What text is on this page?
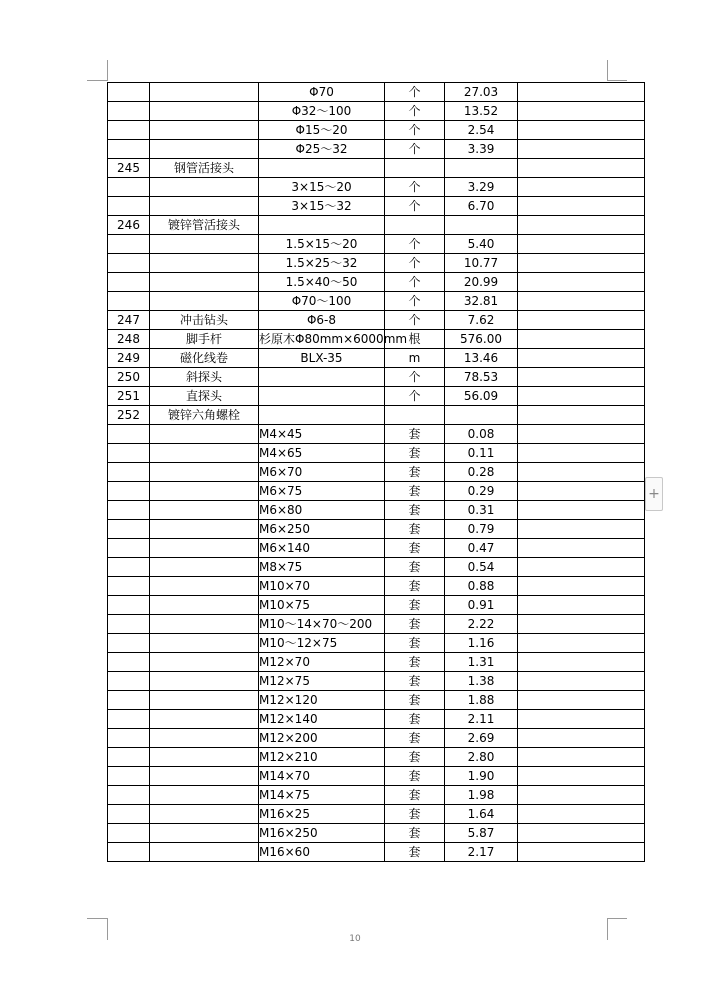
		Φ70	个	27.03	
		Φ32～100	个	13.52	
		Φ15～20	个	2.54	
		Φ25～32	个	3.39	
245	钢管活接头				
		3×15～20	个	3.29	
		3×15～32	个	6.70	
246	镀锌管活接头				
		1.5×15～20	个	5.40	
		1.5×25～32	个	10.77	
		1.5×40～50	个	20.99	
		Φ70～100	个	32.81	
247	冲击钻头	Φ6-8	个	7.62	
248	脚手杆	杉原木Φ80mm×6000mm	根	576.00	
249	磁化线卷	BLX-35	m	13.46	
250	斜探头		个	78.53	
251	直探头		个	56.09	
252	镀锌六角螺栓				
		M4×45	套	0.08	
		M4×65	套	0.11	
		M6×70	套	0.28	
		M6×75	套	0.29	
		M6×80	套	0.31	
		M6×250	套	0.79	
		M6×140	套	0.47	
		M8×75	套	0.54	
		M10×70	套	0.88	
		M10×75	套	0.91	
		M10～14×70～200	套	2.22	
		M10～12×75	套	1.16	
		M12×70	套	1.31	
		M12×75	套	1.38	
		M12×120	套	1.88	
		M12×140	套	2.11	
		M12×200	套	2.69	
		M12×210	套	2.80	
		M14×70	套	1.90	
		M14×75	套	1.98	
		M16×25	套	1.64	
		M16×250	套	5.87	
		M16×60	套	2.17	
+
10
